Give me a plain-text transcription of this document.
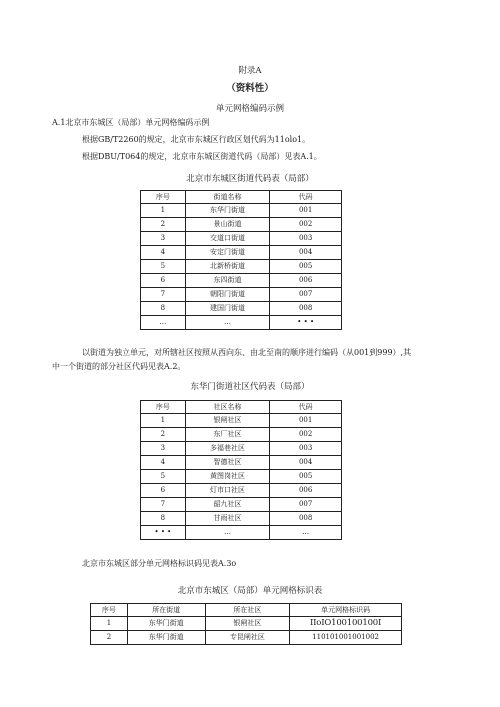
附录A
（资料性）
单元网格编码示例
A.1北京市东城区（局部）单元网格编码示例
根据GB/T2260的规定，北京市东城区行政区划代码为11olo1。
根据DBU/T064的规定，北京市东城区街道代码（局部）见表A.1。
北京市东城区街道代码表（局部）
序号	街道名称	代码
1	东华门街道	001
2	景山街道	002
3	交道口街道	003
4	安定门街道	004
5	北新桥街道	005
6	东四街道	006
7	朝阳门街道	007
8	建国门街道	008
…	…	• • •
以街道为独立单元，对所辖社区按照从西向东、由北至南的顺序进行编码（从001到999）,其
中一个街道的部分社区代码见表A.2。
东华门街道社区代码表（局部）
序号	社区名称	代码
1	银闸社区	001
2	东厂社区	002
3	多福巷社区	003
4	智德社区	004
5	黄图岗社区	005
6	灯市口社区	006
7	韶九社区	007
8	甘雨社区	008
• • •	…	…
北京市东城区部分单元网格标识码见表A.3o
北京市东城区（局部）单元网格标识表
序号	所在街道	所在社区	单元网格标识码
1	东华门街道	银闸社区	IIoIO100100100I
2	东华门街道	专昆闸社区	110101001001002
